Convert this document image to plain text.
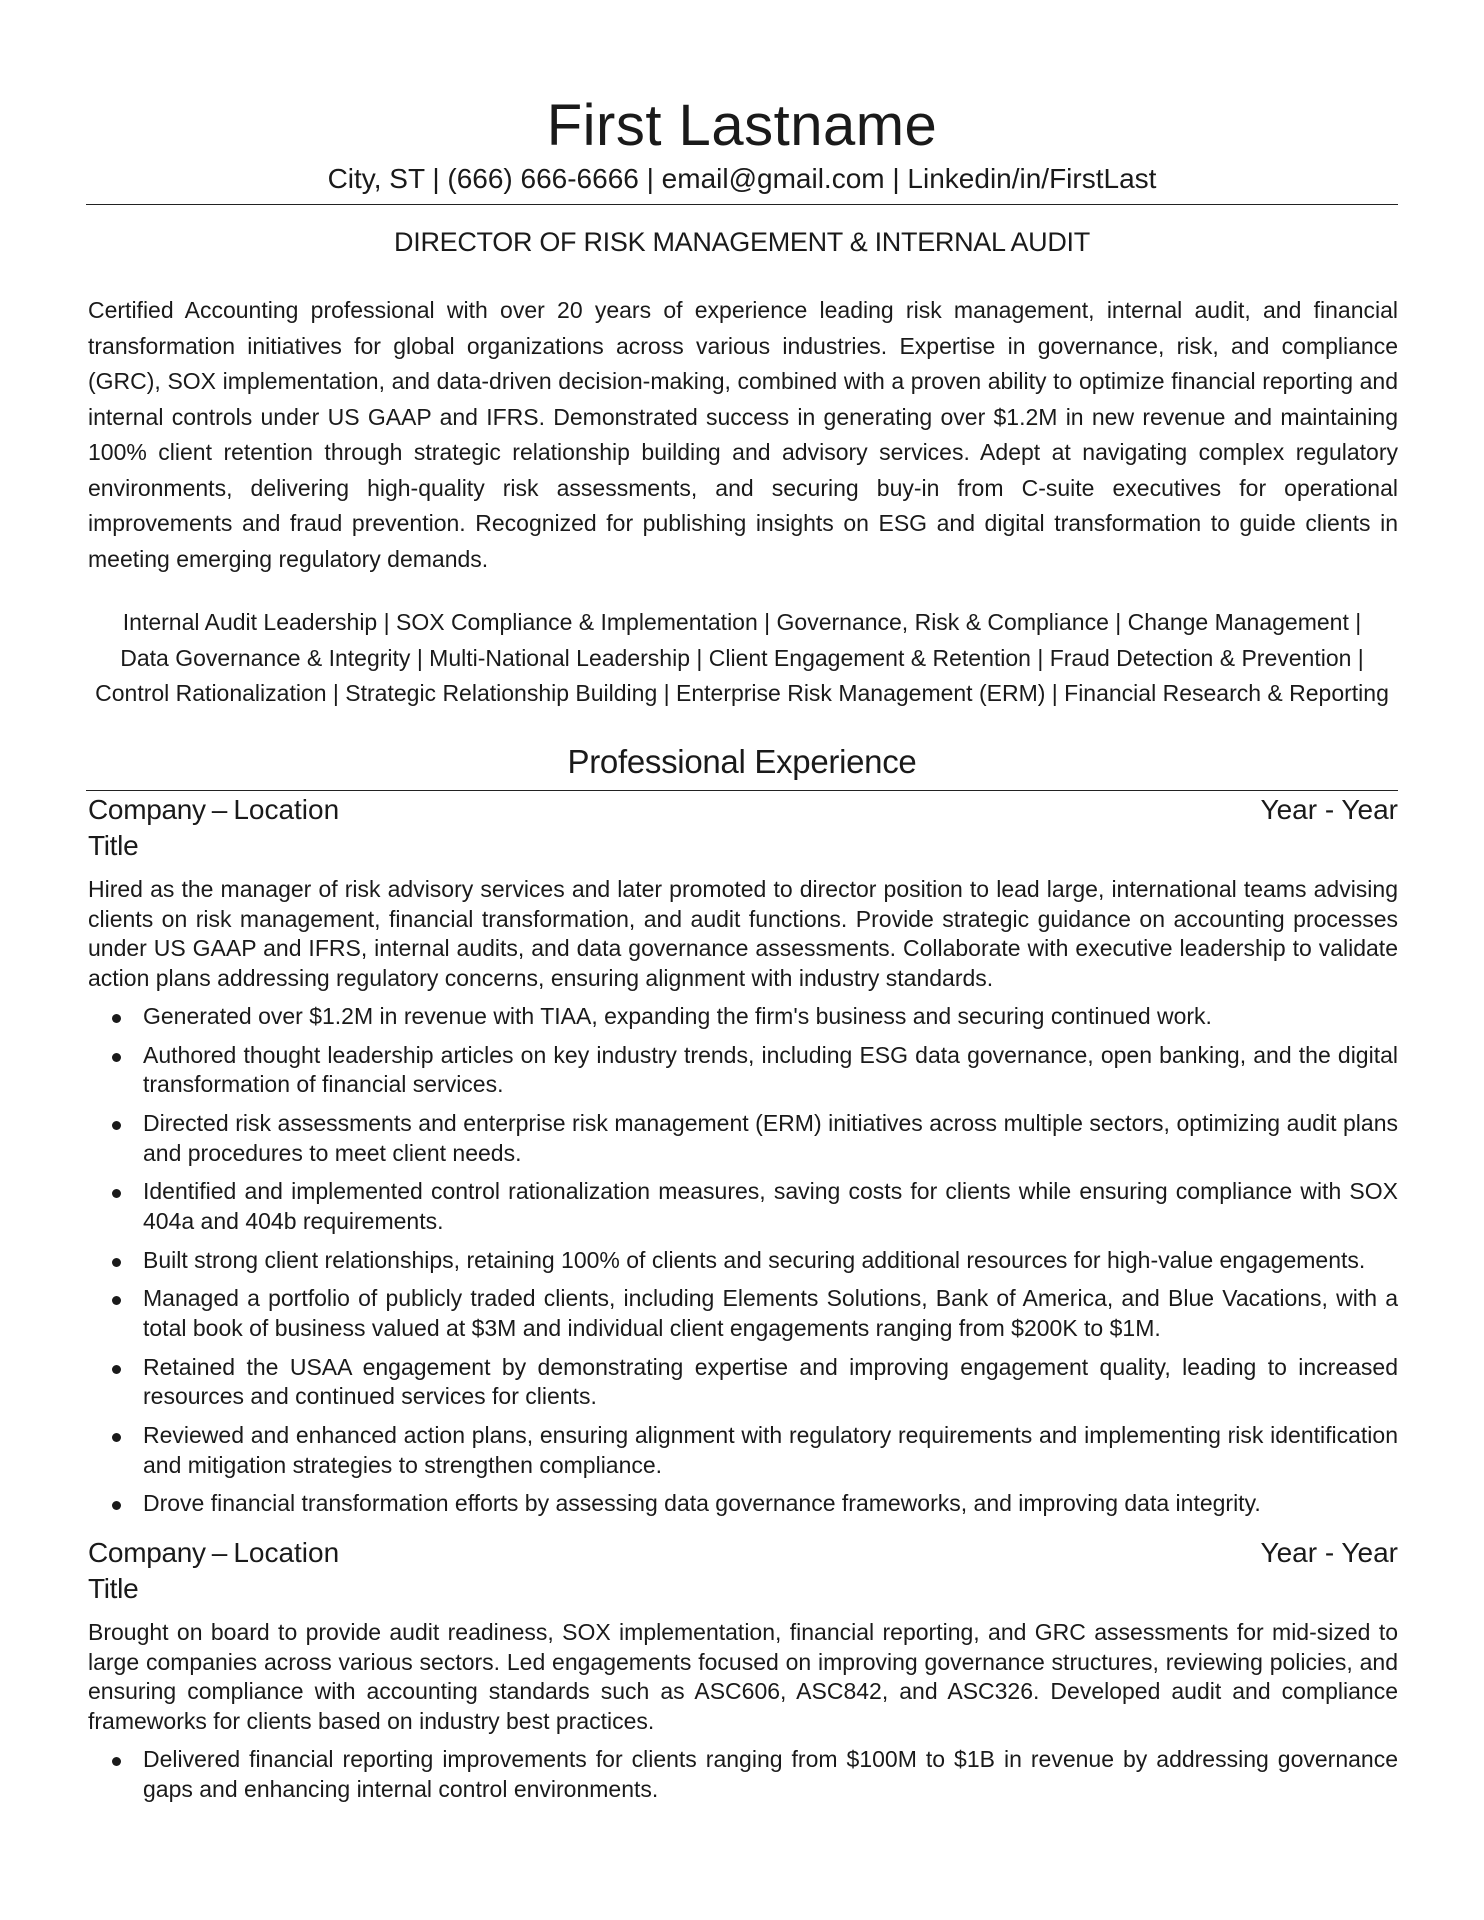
First Lastname
City, ST | (666) 666-6666 | email@gmail.com | Linkedin/in/FirstLast
DIRECTOR OF RISK MANAGEMENT & INTERNAL AUDIT
Certified Accounting professional with over 20 years of experience leading risk management, internal audit, and financial transformation initiatives for global organizations across various industries. Expertise in governance, risk, and compliance (GRC), SOX implementation, and data-driven decision-making, combined with a proven ability to optimize financial reporting and internal controls under US GAAP and IFRS. Demonstrated success in generating over $1.2M in new revenue and maintaining 100% client retention through strategic relationship building and advisory services. Adept at navigating complex regulatory environments, delivering high-quality risk assessments, and securing buy-in from C-suite executives for operational improvements and fraud prevention. Recognized for publishing insights on ESG and digital transformation to guide clients in meeting emerging regulatory demands.
Internal Audit Leadership | SOX Compliance & Implementation | Governance, Risk & Compliance | Change Management |
Data Governance & Integrity | Multi-National Leadership | Client Engagement & Retention | Fraud Detection & Prevention |
Control Rationalization | Strategic Relationship Building | Enterprise Risk Management (ERM) | Financial Research & Reporting
Professional Experience
Company – Location	Year - Year
Title
Hired as the manager of risk advisory services and later promoted to director position to lead large, international teams advising clients on risk management, financial transformation, and audit functions. Provide strategic guidance on accounting processes under US GAAP and IFRS, internal audits, and data governance assessments. Collaborate with executive leadership to validate action plans addressing regulatory concerns, ensuring alignment with industry standards.
Generated over $1.2M in revenue with TIAA, expanding the firm's business and securing continued work.
Authored thought leadership articles on key industry trends, including ESG data governance, open banking, and the digital transformation of financial services.
Directed risk assessments and enterprise risk management (ERM) initiatives across multiple sectors, optimizing audit plans and procedures to meet client needs.
Identified and implemented control rationalization measures, saving costs for clients while ensuring compliance with SOX 404a and 404b requirements.
Built strong client relationships, retaining 100% of clients and securing additional resources for high-value engagements.
Managed a portfolio of publicly traded clients, including Elements Solutions, Bank of America, and Blue Vacations, with a total book of business valued at $3M and individual client engagements ranging from $200K to $1M.
Retained the USAA engagement by demonstrating expertise and improving engagement quality, leading to increased resources and continued services for clients.
Reviewed and enhanced action plans, ensuring alignment with regulatory requirements and implementing risk identification and mitigation strategies to strengthen compliance.
Drove financial transformation efforts by assessing data governance frameworks, and improving data integrity.
Company – Location	Year - Year
Title
Brought on board to provide audit readiness, SOX implementation, financial reporting, and GRC assessments for mid-sized to large companies across various sectors. Led engagements focused on improving governance structures, reviewing policies, and ensuring compliance with accounting standards such as ASC606, ASC842, and ASC326. Developed audit and compliance frameworks for clients based on industry best practices.
Delivered financial reporting improvements for clients ranging from $100M to $1B in revenue by addressing governance gaps and enhancing internal control environments.
